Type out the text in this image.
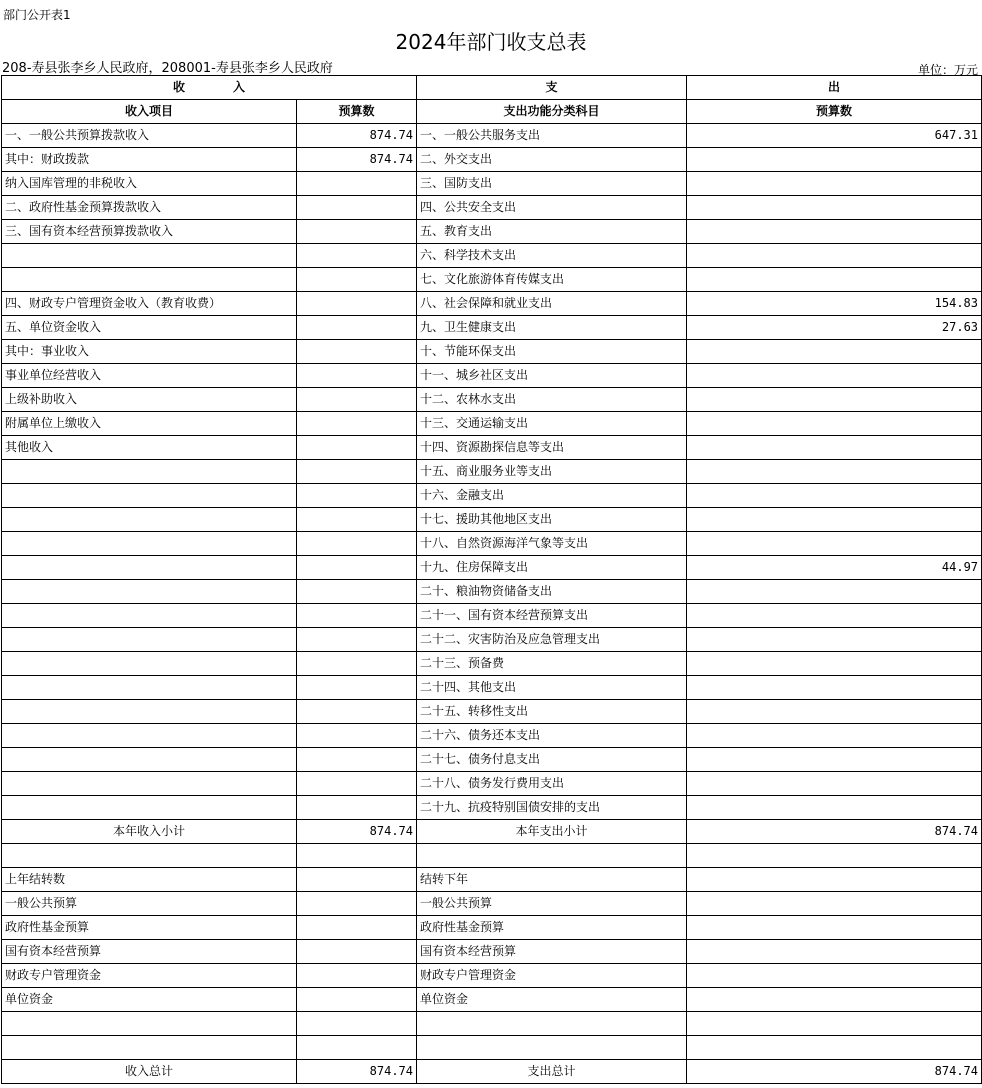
部门公开表1
2024年部门收支总表
208-寿县张李乡人民政府，208001-寿县张李乡人民政府	单位：万元
收　　　　入		支	出
收入项目	预算数	支出功能分类科目	预算数
一、一般公共预算拨款收入	874.74	一、一般公共服务支出	647.31
其中：财政拨款	874.74	二、外交支出	
纳入国库管理的非税收入		三、国防支出	
二、政府性基金预算拨款收入		四、公共安全支出	
三、国有资本经营预算拨款收入		五、教育支出	
		六、科学技术支出	
		七、文化旅游体育传媒支出	
四、财政专户管理资金收入（教育收费）		八、社会保障和就业支出	154.83
五、单位资金收入		九、卫生健康支出	27.63
其中：事业收入		十、节能环保支出	
事业单位经营收入		十一、城乡社区支出	
上级补助收入		十二、农林水支出	
附属单位上缴收入		十三、交通运输支出	
其他收入		十四、资源勘探信息等支出	
		十五、商业服务业等支出	
		十六、金融支出	
		十七、援助其他地区支出	
		十八、自然资源海洋气象等支出	
		十九、住房保障支出	44.97
		二十、粮油物资储备支出	
		二十一、国有资本经营预算支出	
		二十二、灾害防治及应急管理支出	
		二十三、预备费	
		二十四、其他支出	
		二十五、转移性支出	
		二十六、债务还本支出	
		二十七、债务付息支出	
		二十八、债务发行费用支出	
		二十九、抗疫特别国债安排的支出	
本年收入小计	874.74	本年支出小计	874.74

上年结转数		结转下年	
一般公共预算		一般公共预算	
政府性基金预算		政府性基金预算	
国有资本经营预算		国有资本经营预算	
财政专户管理资金		财政专户管理资金	
单位资金		单位资金	

收入总计	874.74	支出总计	874.74
